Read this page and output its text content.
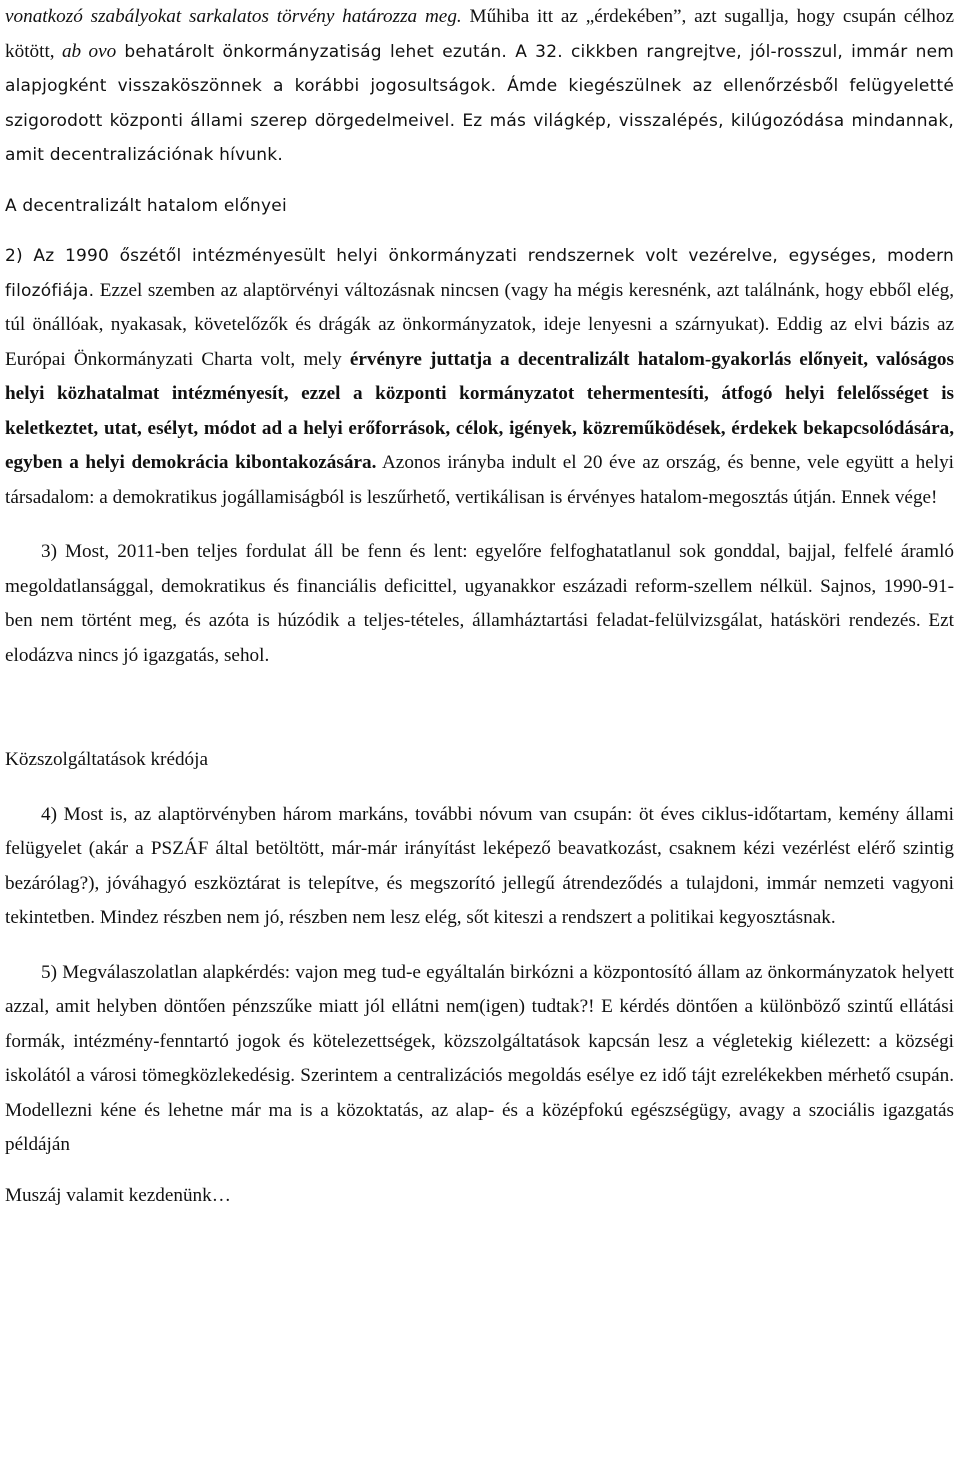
vonatkozó szabályokat sarkalatos törvény határozza meg. Műhiba itt az „érdekében”, azt sugallja, hogy csupán célhoz kötött, ab ovo behatárolt önkormányzatiság lehet ezután. A 32. cikkben rangrejtve, jól-rosszul, immár nem alapjogként visszaköszönnek a korábbi jogosultságok. Ámde kiegészülnek az ellenőrzésből felügyeletté szigorodott központi állami szerep dörgedelmeivel. Ez más világkép, visszalépés, kilúgozódása mindannak, amit decentralizációnak hívunk.

A decentralizált hatalom előnyei

2) Az 1990 őszétől intézményesült helyi önkormányzati rendszernek volt vezérelve, egységes, modern filozófiája. Ezzel szemben az alaptörvényi változásnak nincsen (vagy ha mégis keresnénk, azt találnánk, hogy ebből elég, túl önállóak, nyakasak, követelőzők és drágák az önkormányzatok, ideje lenyesni a szárnyukat). Eddig az elvi bázis az Európai Önkormányzati Charta volt, mely érvényre juttatja a decentralizált hatalom-gyakorlás előnyeit, valóságos helyi közhatalmat intézményesít, ezzel a központi kormányzatot tehermentesíti, átfogó helyi felelősséget is keletkeztet, utat, esélyt, módot ad a helyi erőforrások, célok, igények, közreműködések, érdekek bekapcsolódására, egyben a helyi demokrácia kibontakozására. Azonos irányba indult el 20 éve az ország, és benne, vele együtt a helyi társadalom: a demokratikus jogállamiságból is leszűrhető, vertikálisan is érvényes hatalom-megosztás útján. Ennek vége!

3) Most, 2011-ben teljes fordulat áll be fenn és lent: egyelőre felfoghatatlanul sok gonddal, bajjal, felfelé áramló megoldatlansággal, demokratikus és financiális deficittel, ugyanakkor eszázadi reform-szellem nélkül. Sajnos, 1990-91-ben nem történt meg, és azóta is húzódik a teljes-tételes, államháztartási feladat-felülvizsgálat, hatásköri rendezés. Ezt elodázva nincs jó igazgatás, sehol.

Közszolgáltatások krédója

4) Most is, az alaptörvényben három markáns, további nóvum van csupán: öt éves ciklus-időtartam, kemény állami felügyelet (akár a PSZÁF által betöltött, már-már irányítást leképező beavatkozást, csaknem kézi vezérlést elérő szintig bezárólag?), jóváhagyó eszköztárat is telepítve, és megszorító jellegű átrendeződés a tulajdoni, immár nemzeti vagyoni tekintetben. Mindez részben nem jó, részben nem lesz elég, sőt kiteszi a rendszert a politikai kegyosztásnak.

5) Megválaszolatlan alapkérdés: vajon meg tud-e egyáltalán birkózni a központosító állam az önkormányzatok helyett azzal, amit helyben döntően pénzszűke miatt jól ellátni nem(igen) tudtak?! E kérdés döntően a különböző szintű ellátási formák, intézmény-fenntartó jogok és kötelezettségek, közszolgáltatások kapcsán lesz a végletekig kiélezett: a községi iskolától a városi tömegközlekedésig. Szerintem a centralizációs megoldás esélye ez idő tájt ezrelékekben mérhető csupán. Modellezni kéne és lehetne már ma is a közoktatás, az alap- és a középfokú egészségügy, avagy a szociális igazgatás példáján

Muszáj valamit kezdenünk…
